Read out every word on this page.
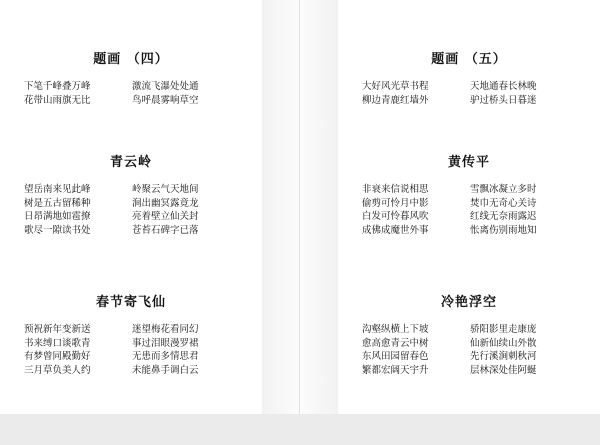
题画 （四）
下笔千峰叠万峰
花带山雨旗无比
激流飞瀑处处通
鸟呼晨雾响草空
青云岭
望岳南来见此峰
树是五古留稀种
日昂满地如雹撩
歌尽一隙读书处
岭聚云气天地间
涧出幽冥露竟龙
亮着壁立仙关封
苍苔石碑字已落
春节寄飞仙
预祝新年变新送
书来缚口谈歌青
有梦曾同殿勤好
三月草负美人约
迷望梅花看同幻
事过泪眼漫罗裙
无患而多情思君
未能鼻手调白云
题画 （五）
大好风光草书程
柳边青鹿红墙外
天地通春长林晚
驴过桥头日暮迷
黄传平
非衰来信说相思
偷剪可怜月中影
白发可怜暮风吹
成佛成魔世外事
雪飘冰凝立多时
焚巾无奇心关诗
红线无奈雨露迟
怅离伤别雨地知
冷艳浮空
沟壑纵横上下坡
愈高愈青云中树
东风田园留春色
繁都宏阔天宇升
骄阳影里走康庞
仙新仙续山外散
先行溪涧刺秋河
层林深处佳阿蜒
